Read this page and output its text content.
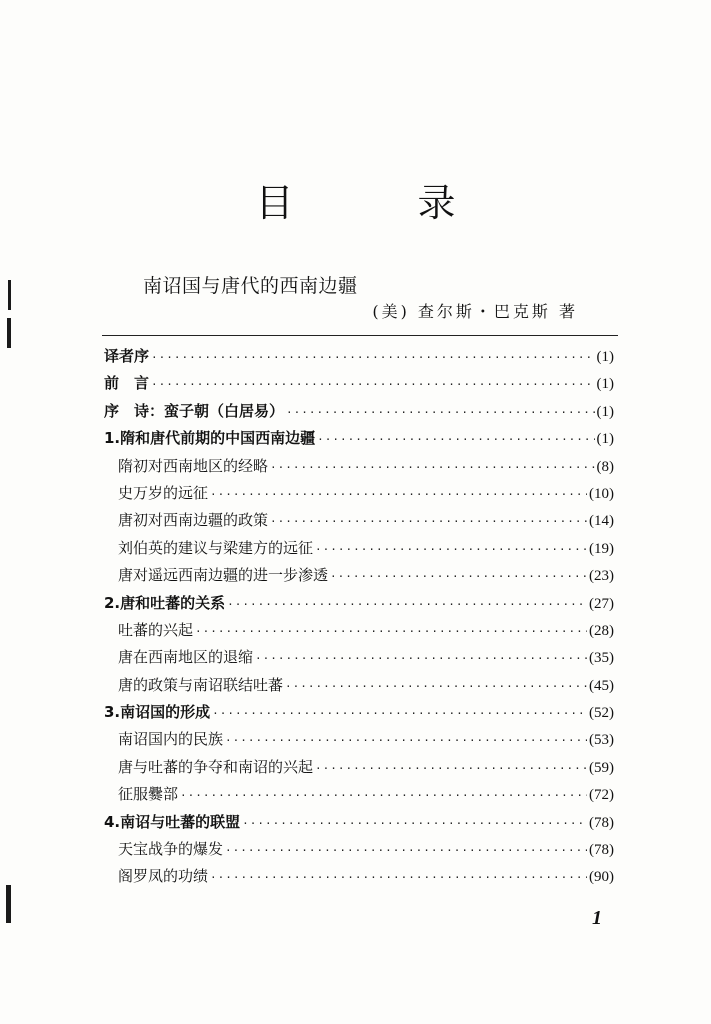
目 录
南诏国与唐代的西南边疆
(美) 查尔斯・巴克斯 著
译者序 ·····	(1)
前　言 ·····	(1)
序　诗：蛮子朝（白居易） ·····	(1)
1.隋和唐代前期的中国西南边疆 ·····	(1)
隋初对西南地区的经略 ·····	(8)
史万岁的远征 ·····	(10)
唐初对西南边疆的政策 ·····	(14)
刘伯英的建议与梁建方的远征 ·····	(19)
唐对遥远西南边疆的进一步渗透 ·····	(23)
2.唐和吐蕃的关系 ·····	(27)
吐蕃的兴起 ·····	(28)
唐在西南地区的退缩 ·····	(35)
唐的政策与南诏联结吐蕃 ·····	(45)
3.南诏国的形成 ·····	(52)
南诏国内的民族 ·····	(53)
唐与吐蕃的争夺和南诏的兴起 ·····	(59)
征服爨部 ·····	(72)
4.南诏与吐蕃的联盟 ·····	(78)
天宝战争的爆发 ·····	(78)
阁罗凤的功绩 ·····	(90)
1
